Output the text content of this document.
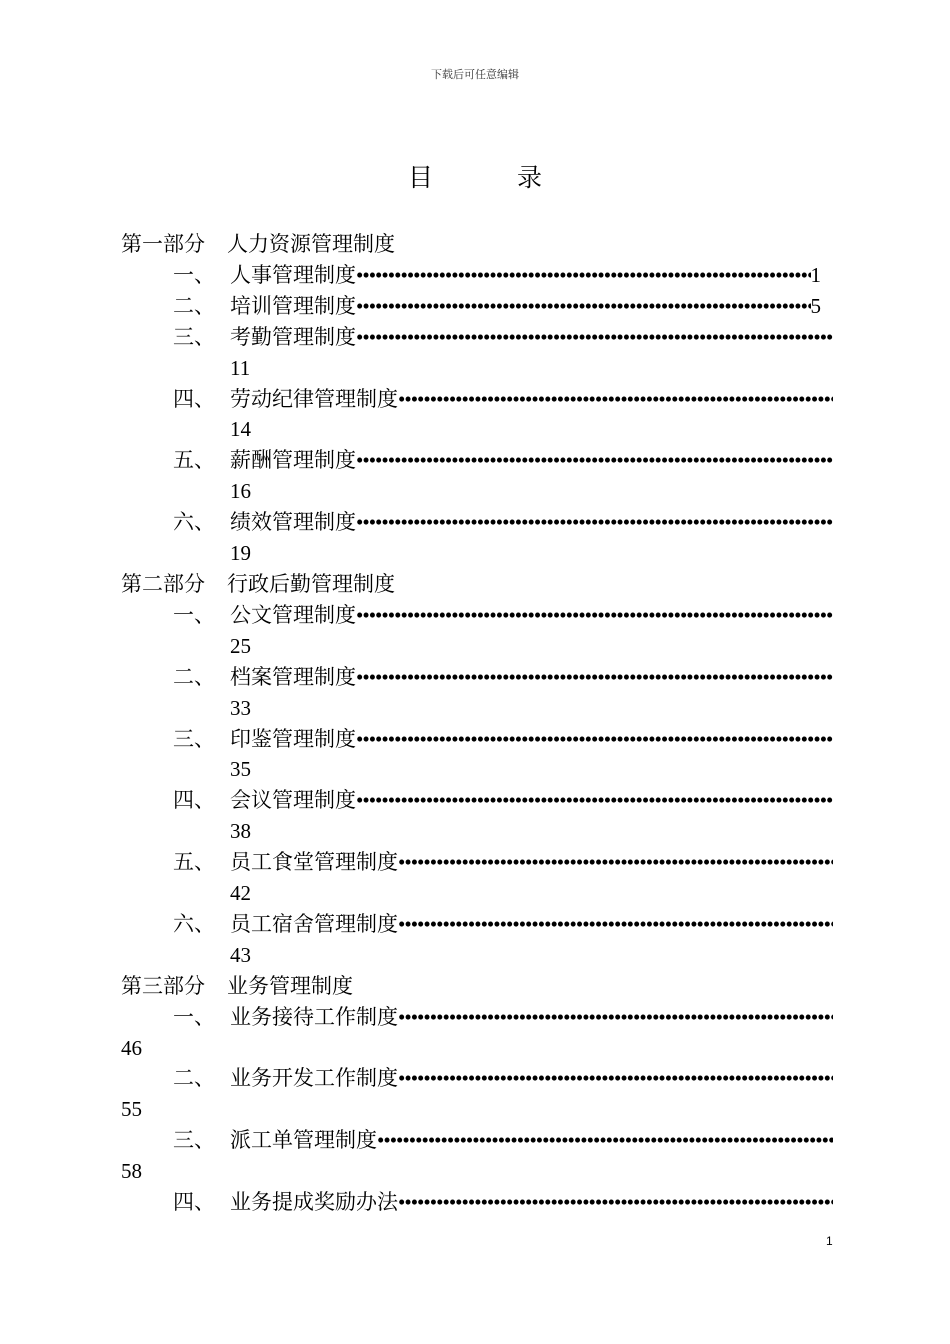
下载后可任意编辑
目 录
第一部分 人力资源管理制度
一、 人事管理制度 •••••	1
二、 培训管理制度 •••••	5
三、 考勤管理制度
•••••
11
四、 劳动纪律管理制度
•••••
14
五、 薪酬管理制度
•••••
16
六、 绩效管理制度
•••••
19
第二部分 行政后勤管理制度
一、 公文管理制度
•••••
25
二、 档案管理制度
•••••
33
三、 印鉴管理制度
•••••
35
四、 会议管理制度
•••••
38
五、 员工食堂管理制度
•••••
42
六、 员工宿舍管理制度
•••••
43
第三部分 业务管理制度
一、 业务接待工作制度
•••••
46
二、 业务开发工作制度
•••••
55
三、 派工单管理制度
•••••
58
四、 业务提成奖励办法
•••••
1
